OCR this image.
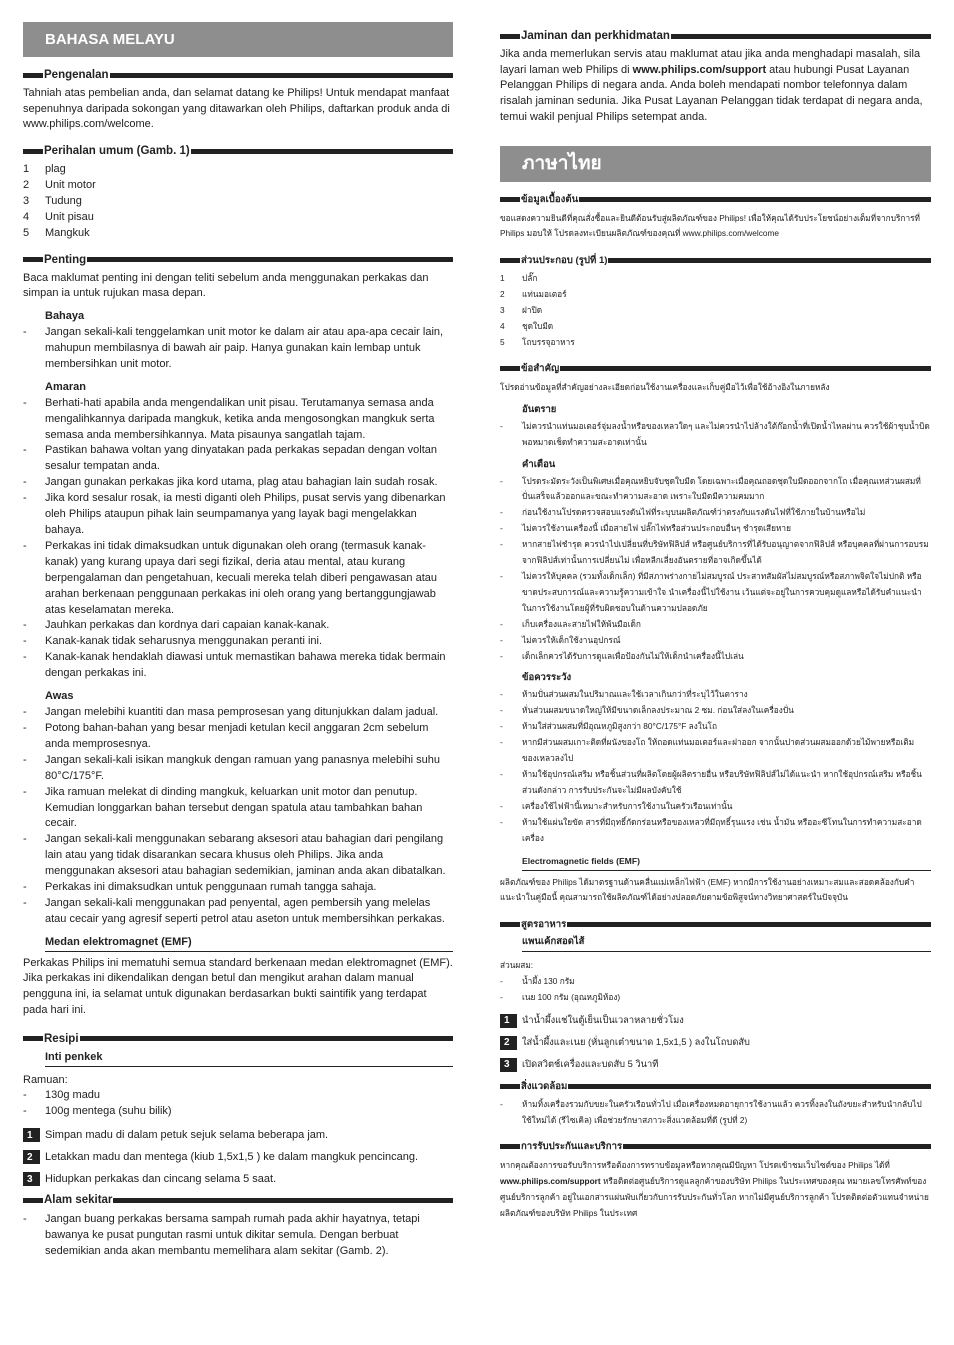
BAHASA MELAYU
Pengenalan

Tahniah atas pembelian anda, dan selamat datang ke Philips! Untuk mendapat manfaat sepenuhnya daripada sokongan yang ditawarkan oleh Philips, daftarkan produk anda di www.philips.com/welcome.

Perihalan umum (Gamb. 1)
1 plag
2 Unit motor
3 Tudung
4 Unit pisau
5 Mangkuk
Penting

Baca maklumat penting ini dengan teliti sebelum anda menggunakan perkakas dan simpan ia untuk rujukan masa depan.

Bahaya
- Jangan sekali-kali tenggelamkan unit motor ke dalam air atau apa-apa cecair lain, mahupun membilasnya di bawah air paip. Hanya gunakan kain lembap untuk membersihkan unit motor.
Amaran
- Berhati-hati apabila anda mengendalikan unit pisau. Terutamanya semasa anda mengalihkannya daripada mangkuk, ketika anda mengosongkan mangkuk serta semasa anda membersihkannya. Mata pisaunya sangatlah tajam.
- Pastikan bahawa voltan yang dinyatakan pada perkakas sepadan dengan voltan sesalur tempatan anda.
- Jangan gunakan perkakas jika kord utama, plag atau bahagian lain sudah rosak.
- Jika kord sesalur rosak, ia mesti diganti oleh Philips, pusat servis yang dibenarkan oleh Philips ataupun pihak lain seumpamanya yang layak bagi mengelakkan bahaya.
- Perkakas ini tidak dimaksudkan untuk digunakan oleh orang (termasuk kanak-kanak) yang kurang upaya dari segi fizikal, deria atau mental, atau kurang berpengalaman dan pengetahuan, kecuali mereka telah diberi pengawasan atau arahan berkenaan penggunaan perkakas ini oleh orang yang bertanggungjawab atas keselamatan mereka.
- Jauhkan perkakas dan kordnya dari capaian kanak-kanak.
- Kanak-kanak tidak seharusnya menggunakan peranti ini.
- Kanak-kanak hendaklah diawasi untuk memastikan bahawa mereka tidak bermain dengan perkakas ini.
Awas
- Jangan melebihi kuantiti dan masa pemprosesan yang ditunjukkan dalam jadual.
- Potong bahan-bahan yang besar menjadi ketulan kecil anggaran 2cm sebelum anda memprosesnya.
- Jangan sekali-kali isikan mangkuk dengan ramuan yang panasnya melebihi suhu 80°C/175°F.
- Jika ramuan melekat di dinding mangkuk, keluarkan unit motor dan penutup. Kemudian longgarkan bahan tersebut dengan spatula atau tambahkan bahan cecair.
- Jangan sekali-kali menggunakan sebarang aksesori atau bahagian dari pengilang lain atau yang tidak disarankan secara khusus oleh Philips. Jika anda menggunakan aksesori atau bahagian sedemikian, jaminan anda akan dibatalkan.
- Perkakas ini dimaksudkan untuk penggunaan rumah tangga sahaja.
- Jangan sekali-kali menggunakan pad penyental, agen pembersih yang melelas atau cecair yang agresif seperti petrol atau aseton untuk membersihkan perkakas.
Medan elektromagnet (EMF)

Perkakas Philips ini mematuhi semua standard berkenaan medan elektromagnet (EMF). Jika perkakas ini dikendalikan dengan betul dan mengikut arahan dalam manual pengguna ini, ia selamat untuk digunakan berdasarkan bukti saintifik yang terdapat pada hari ini.

Resipi
Inti penkek

Ramuan:

- 130g madu
- 100g mentega (suhu bilik)
1	Simpan madu di dalam petuk sejuk selama beberapa jam.
2	Letakkan madu dan mentega (kiub 1,5x1,5 ) ke dalam mangkuk pencincang.
3	Hidupkan perkakas dan cincang selama 5 saat.
Alam sekitar
- Jangan buang perkakas bersama sampah rumah pada akhir hayatnya, tetapi bawanya ke pusat pungutan rasmi untuk dikitar semula. Dengan berbuat sedemikian anda akan membantu memelihara alam sekitar (Gamb. 2).
Jaminan dan perkhidmatan

Jika anda memerlukan servis atau maklumat atau jika anda menghadapi masalah, sila layari laman web Philips di www.philips.com/support atau hubungi Pusat Layanan Pelanggan Philips di negara anda. Anda boleh mendapati nombor telefonnya dalam risalah jaminan sedunia. Jika Pusat Layanan Pelanggan tidak terdapat di negara anda, temui wakil penjual Philips setempat anda.

ภาษาไทย
ข้อมูลเบื้องต้น

ขอแสดงความยินดีที่คุณสั่งซื้อและยินดีต้อนรับสู่ผลิตภัณฑ์ของ Philips! เพื่อให้คุณได้รับประโยชน์อย่างเต็มที่จากบริการที่ Philips มอบให้ โปรดลงทะเบียนผลิตภัณฑ์ของคุณที่ www.philips.com/welcome

ส่วนประกอบ (รูปที่ 1)
1 ปลั๊ก
2 แท่นมอเตอร์
3 ฝาปิด
4 ชุดใบมีด
5 โถบรรจุอาหาร
ข้อสำคัญ

โปรดอ่านข้อมูลที่สำคัญอย่างละเอียดก่อนใช้งานเครื่องและเก็บคู่มือไว้เพื่อใช้อ้างอิงในภายหลัง

อันตราย
- ไม่ควรนำแท่นมอเตอร์จุ่มลงน้ำหรือของเหลวใดๆ และไม่ควรนำไปล้างใต้ก๊อกน้ำที่เปิดน้ำไหลผ่าน ควรใช้ผ้าชุบน้ำบิดพอหมาดเช็ดทำความสะอาดเท่านั้น
คำเตือน
- โปรดระมัดระวังเป็นพิเศษเมื่อคุณหยิบจับชุดใบมีด โดยเฉพาะเมื่อคุณถอดชุดใบมีดออกจากโถ เมื่อคุณเทส่วนผสมที่ปั่นเสร็จแล้วออกและขณะทำความสะอาด เพราะใบมีดมีความคมมาก
- ก่อนใช้งานโปรดตรวจสอบแรงดันไฟที่ระบุบนผลิตภัณฑ์ว่าตรงกับแรงดันไฟที่ใช้ภายในบ้านหรือไม่
- ไม่ควรใช้งานเครื่องนี้ เมื่อสายไฟ ปลั๊กไฟหรือส่วนประกอบอื่นๆ ชำรุดเสียหาย
- หากสายไฟชำรุด ควรนำไปเปลี่ยนที่บริษัทฟิลิปส์ หรือศูนย์บริการที่ได้รับอนุญาตจากฟิลิปส์ หรือบุคคลที่ผ่านการอบรมจากฟิลิปส์เท่านั้นการเปลี่ยนไม่ เพื่อหลีกเลี่ยงอันตรายที่อาจเกิดขึ้นได้
- ไม่ควรให้บุคคล (รวมทั้งเด็กเล็ก) ที่มีสภาพร่างกายไม่สมบูรณ์ ประสาทสัมผัสไม่สมบูรณ์หรือสภาพจิตใจไม่ปกติ หรือขาดประสบการณ์และความรู้ความเข้าใจ นำเครื่องนี้ไปใช้งาน เว้นแต่จะอยู่ในการควบคุมดูแลหรือได้รับคำแนะนำในการใช้งานโดยผู้ที่รับผิดชอบในด้านความปลอดภัย
- เก็บเครื่องและสายไฟให้พ้นมือเด็ก
- ไม่ควรให้เด็กใช้งานอุปกรณ์
- เด็กเล็กควรได้รับการดูแลเพื่อป้องกันไม่ให้เด็กนำเครื่องนี้ไปเล่น
ข้อควรระวัง
- ห้ามปั่นส่วนผสมในปริมาณและใช้เวลาเกินกว่าที่ระบุไว้ในตาราง
- หั่นส่วนผสมขนาดใหญ่ให้มีขนาดเล็กลงประมาณ 2 ซม. ก่อนใส่ลงในเครื่องปั่น
- ห้ามใส่ส่วนผสมที่มีอุณหภูมิสูงกว่า 80°C/175°F ลงในโถ
- หากมีส่วนผสมเกาะติดที่ผนังของโถ ให้ถอดแท่นมอเตอร์และฝาออก จากนั้นปาดส่วนผสมออกด้วยไม้พายหรือเติมของเหลวลงไป
- ห้ามใช้อุปกรณ์เสริม หรือชิ้นส่วนที่ผลิตโดยผู้ผลิตรายอื่น หรือบริษัทฟิลิปส์ไม่ได้แนะนำ หากใช้อุปกรณ์เสริม หรือชิ้นส่วนดังกล่าว การรับประกันจะไม่มีผลบังคับใช้
- เครื่องใช้ไฟฟ้านี้เหมาะสำหรับการใช้งานในครัวเรือนเท่านั้น
- ห้ามใช้แผ่นใยขัด สารที่มีฤทธิ์กัดกร่อนหรือของเหลวที่มีฤทธิ์รุนแรง เช่น น้ำมัน หรืออะซีโทนในการทำความสะอาดเครื่อง
Electromagnetic fields (EMF)

ผลิตภัณฑ์ของ Philips ได้มาตรฐานด้านคลื่นแม่เหล็กไฟฟ้า (EMF) หากมีการใช้งานอย่างเหมาะสมและสอดคล้องกับคำแนะนำในคู่มือนี้ คุณสามารถใช้ผลิตภัณฑ์ได้อย่างปลอดภัยตามข้อพิสูจน์ทางวิทยาศาสตร์ในปัจจุบัน

สูตรอาหาร
แพนเค้กสอดไส้

ส่วนผสม:

- น้ำผึ้ง 130 กรัม
- เนย 100 กรัม (อุณหภูมิห้อง)
1	นำน้ำผึ้งแช่ในตู้เย็นเป็นเวลาหลายชั่วโมง
2	ใส่น้ำผึ้งและเนย (หั่นลูกเต๋าขนาด 1,5x1,5 ) ลงในโถบดสับ
3	เปิดสวิตช์เครื่องและบดสับ 5 วินาที
สิ่งแวดล้อม
- ห้ามทิ้งเครื่องรวมกับขยะในครัวเรือนทั่วไป เมื่อเครื่องหมดอายุการใช้งานแล้ว ควรทิ้งลงในถังขยะสำหรับนำกลับไปใช้ใหม่ได้ (รีไซเคิล) เพื่อช่วยรักษาสภาวะสิ่งแวดล้อมที่ดี (รูปที่ 2)
การรับประกันและบริการ

หากคุณต้องการขอรับบริการหรือต้องการทราบข้อมูลหรือหากคุณมีปัญหา โปรดเข้าชมเว็บไซต์ของ Philips ได้ที่ www.philips.com/support หรือติดต่อศูนย์บริการดูแลลูกค้าของบริษัท Philips ในประเทศของคุณ หมายเลขโทรศัพท์ของศูนย์บริการลูกค้า อยู่ในเอกสารแผ่นพับเกี่ยวกับการรับประกันทั่วโลก หากไม่มีศูนย์บริการลูกค้า โปรดติดต่อตัวแทนจำหน่ายผลิตภัณฑ์ของบริษัท Philips ในประเทศ
